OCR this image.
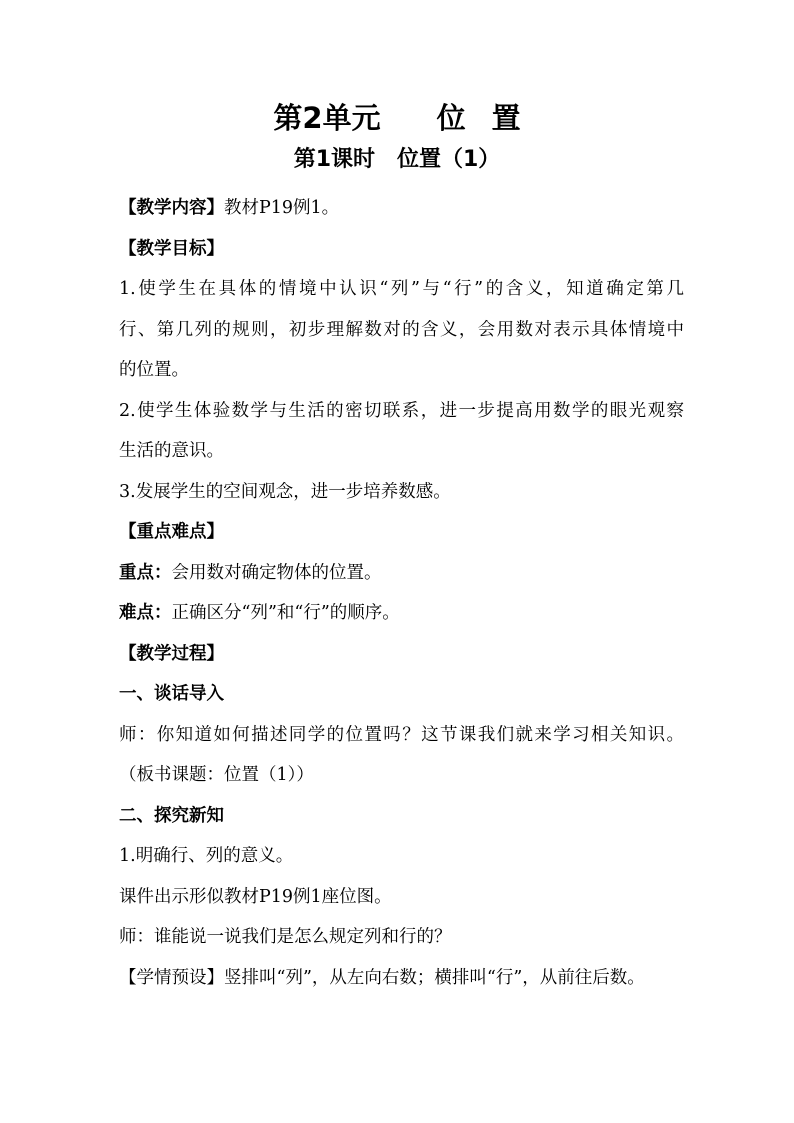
第2单元 位 置
第1课时 位置（1）
【教学内容】教材P19例1。
【教学目标】
1.使学生在具体的情境中认识“列”与“行”的含义，知道确定第几
行、第几列的规则，初步理解数对的含义，会用数对表示具体情境中
的位置。
2.使学生体验数学与生活的密切联系，进一步提高用数学的眼光观察
生活的意识。
3.发展学生的空间观念，进一步培养数感。
【重点难点】
重点：会用数对确定物体的位置。
难点：正确区分“列”和“行”的顺序。
【教学过程】
一、谈话导入
师：你知道如何描述同学的位置吗？这节课我们就来学习相关知识。
（板书课题：位置（1））
二、探究新知
1.明确行、列的意义。
课件出示形似教材P19例1座位图。
师：谁能说一说我们是怎么规定列和行的？
【学情预设】竖排叫“列”，从左向右数；横排叫“行”，从前往后数。
